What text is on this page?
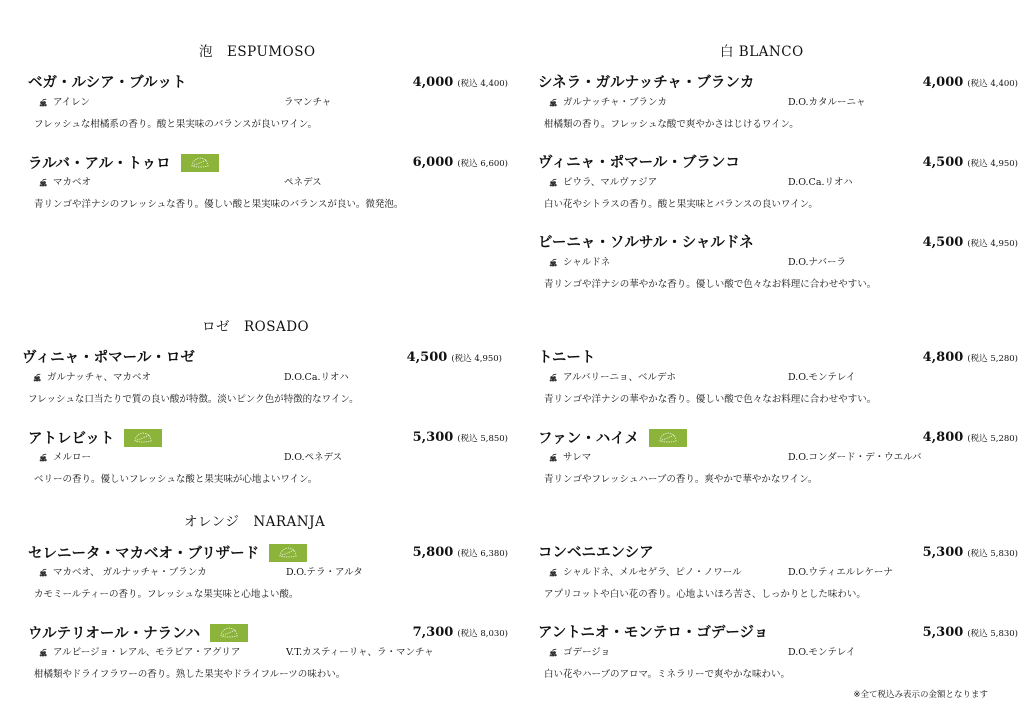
泡　ESPUMOSO
ロゼ　ROSADO
オレンジ　NARANJA
白 BLANCO
ベガ・ルシア・ブルット	4,000 (税込 4,400)
アイレン	ラマンチャ
フレッシュな柑橘系の香り。酸と果実味のバランスが良いワイン。
ラルバ・アル・トゥロ	6,000 (税込 6,600)
マカベオ	ペネデス
青リンゴや洋ナシのフレッシュな香り。優しい酸と果実味のバランスが良い。微発泡。
ヴィニャ・ポマール・ロゼ	4,500 (税込 4,950)
ガルナッチャ、マカベオ	D.O.Ca.リオハ
フレッシュな口当たりで質の良い酸が特徴。淡いピンク色が特徴的なワイン。
アトレビット	5,300 (税込 5,850)
メルロー	D.O.ペネデス
ベリーの香り。優しいフレッシュな酸と果実味が心地よいワイン。
セレニータ・マカベオ・ブリザード	5,800 (税込 6,380)
マカベオ、 ガルナッチャ・ブランカ	D.O.テラ・アルタ
カモミールティーの香り。フレッシュな果実味と心地よい酸。
ウルテリオール・ナランハ	7,300 (税込 8,030)
アルビージョ・レアル、モラビア・アグリア	V.T.カスティーリャ、ラ・マンチャ
柑橘類やドライフラワーの香り。熟した果実やドライフルーツの味わい。
シネラ・ガルナッチャ・ブランカ	4,000 (税込 4,400)
ガルナッチャ・ブランカ	D.O.カタルーニャ
柑橘類の香り。フレッシュな酸で爽やかさはじけるワイン。
ヴィニャ・ポマール・ブランコ	4,500 (税込 4,950)
ビウラ、マルヴァジア	D.O.Ca.リオハ
白い花やシトラスの香り。酸と果実味とバランスの良いワイン。
ビーニャ・ソルサル・シャルドネ	4,500 (税込 4,950)
シャルドネ	D.O.ナバーラ
青リンゴや洋ナシの華やかな香り。優しい酸で色々なお料理に合わせやすい。
トニート	4,800 (税込 5,280)
アルバリーニョ、ベルデホ	D.O.モンテレイ
青リンゴや洋ナシの華やかな香り。優しい酸で色々なお料理に合わせやすい。
ファン・ハイメ	4,800 (税込 5,280)
サレマ	D.O.コンダード・デ・ウエルバ
青リンゴやフレッシュハーブの香り。爽やかで華やかなワイン。
コンベニエンシア	5,300 (税込 5,830)
シャルドネ、メルセゲラ、ピノ・ノワール	D.O.ウティエルレケーナ
アプリコットや白い花の香り。心地よいほろ苦さ、しっかりとした味わい。
アントニオ・モンテロ・ゴデージョ	5,300 (税込 5,830)
ゴデージョ	D.O.モンテレイ
白い花やハーブのアロマ。ミネラリーで爽やかな味わい。
※全て税込み表示の金額となります
